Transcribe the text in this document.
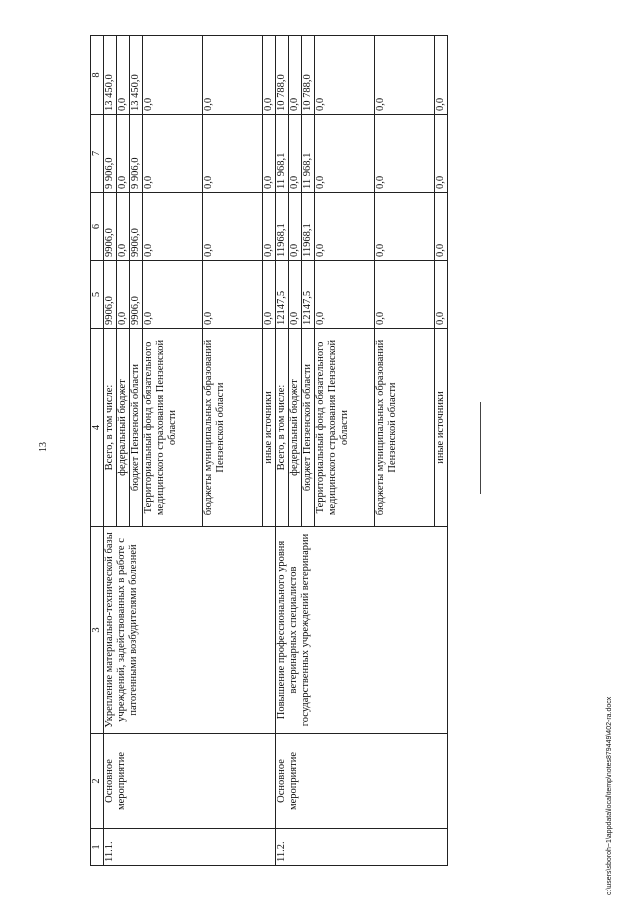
13
c:\users\sboroh~1\appdata\local\temp\notes879449\402-ra.docx
1	2	3	4	5	6	7	8
11.1.	Основное мероприятие	Укрепление материально-технической базы учреждений, задействованных в работе с патогенными возбудителями болезней	Всего, в том числе:	9906,0	9906,0	9 906,0	13 450,0
			федеральный бюджет	0,0	0,0	0,0	0,0
			бюджет Пензенской области	9906,0	9906,0	9 906,0	13 450,0
			Территориальный фонд обязательного медицинского страхования Пензенской области	0,0	0,0	0,0	0,0
			бюджеты муниципальных образований Пензенской области	0,0	0,0	0,0	0,0
			иные источники	0,0	0,0	0,0	0,0
11.2.	Основное мероприятие	Повышение профессионального уровня ветеринарных специалистов государственных учреждений ветеринарии	Всего, в том числе:	12147,5	11968,1	11 968,1	10 788,0
			федеральный бюджет	0,0	0,0	0,0	0,0
			бюджет Пензенской области	12147,5	11968,1	11 968,1	10 788,0
			Территориальный фонд обязательного медицинского страхования Пензенской области	0,0	0,0	0,0	0,0
			бюджеты муниципальных образований Пензенской области	0,0	0,0	0,0	0,0
			иные источники	0,0	0,0	0,0	0,0
